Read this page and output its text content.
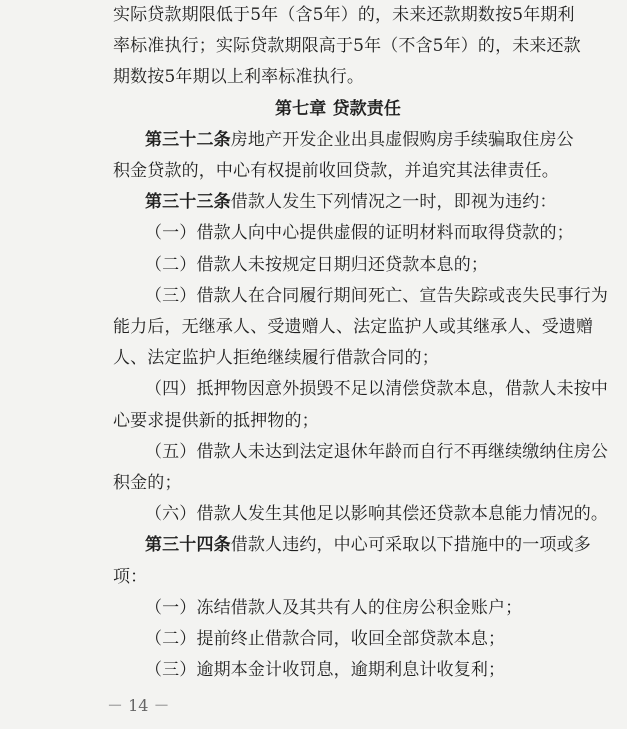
实际贷款期限低于5年（含5年）的，未来还款期数按5年期利
率标准执行；实际贷款期限高于5年（不含5年）的，未来还款
期数按5年期以上利率标准执行。
第七章 贷款责任
第三十二条房地产开发企业出具虚假购房手续骗取住房公
积金贷款的，中心有权提前收回贷款，并追究其法律责任。
第三十三条借款人发生下列情况之一时，即视为违约：
（一）借款人向中心提供虚假的证明材料而取得贷款的；
（二）借款人未按规定日期归还贷款本息的；
（三）借款人在合同履行期间死亡、宣告失踪或丧失民事行为
能力后，无继承人、受遗赠人、法定监护人或其继承人、受遗赠
人、法定监护人拒绝继续履行借款合同的；
（四）抵押物因意外损毁不足以清偿贷款本息，借款人未按中
心要求提供新的抵押物的；
（五）借款人未达到法定退休年龄而自行不再继续缴纳住房公
积金的；
（六）借款人发生其他足以影响其偿还贷款本息能力情况的。
第三十四条借款人违约，中心可采取以下措施中的一项或多
项：
（一）冻结借款人及其共有人的住房公积金账户；
（二）提前终止借款合同，收回全部贷款本息；
（三）逾期本金计收罚息，逾期利息计收复利；
－ 14 －
